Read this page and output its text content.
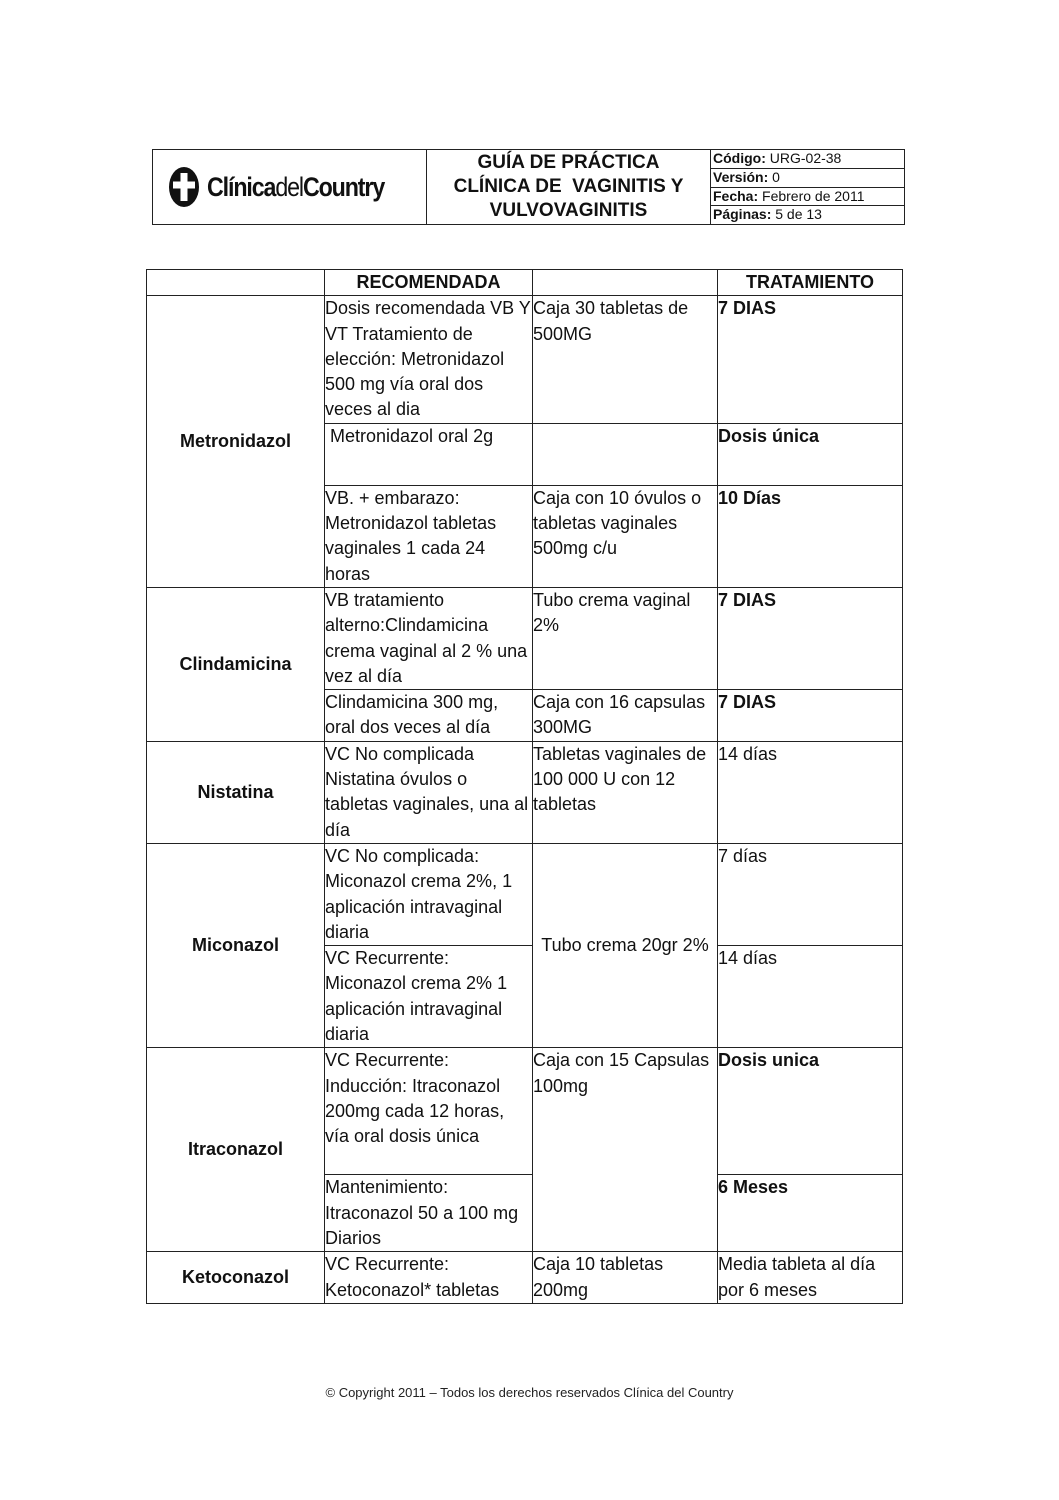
ClínicadelCountry
GUÍA DE PRÁCTICA
CLÍNICA DE  VAGINITIS Y
VULVOVAGINITIS
Código: URG-02-38
Versión: 0
Fecha: Febrero de 2011
Páginas: 5 de 13
	RECOMENDADA		TRATAMIENTO
Metronidazol	Dosis recomendada VB Y VT Tratamiento de elección: Metronidazol 500 mg vía oral dos veces al dia	Caja 30 tabletas de 500MG	7 DIAS
	Metronidazol oral 2g		Dosis única
	VB. + embarazo: Metronidazol tabletas vaginales 1 cada 24 horas	Caja con 10 óvulos o tabletas vaginales 500mg c/u	10 Días
Clindamicina	VB tratamiento alterno:Clindamicina crema vaginal al 2 % una vez al día	Tubo crema vaginal 2%	7 DIAS
	Clindamicina 300 mg, oral dos veces al día	Caja con 16 capsulas 300MG	7 DIAS
Nistatina	VC No complicada Nistatina óvulos o tabletas vaginales, una al día	Tabletas vaginales de 100 000 U con 12 tabletas	14 días
Miconazol	VC No complicada: Miconazol crema 2%, 1 aplicación intravaginal diaria	Tubo crema 20gr 2%	7 días
	VC Recurrente: Miconazol crema 2% 1 aplicación intravaginal diaria		14 días
Itraconazol	VC Recurrente: Inducción: Itraconazol 200mg cada 12 horas, vía oral dosis única	Caja con 15 Capsulas 100mg	Dosis unica
	Mantenimiento: Itraconazol 50 a 100 mg Diarios		6 Meses
Ketoconazol	VC Recurrente: Ketoconazol* tabletas	Caja 10 tabletas 200mg	Media tableta al día por 6 meses
© Copyright 2011 – Todos los derechos reservados Clínica del Country
